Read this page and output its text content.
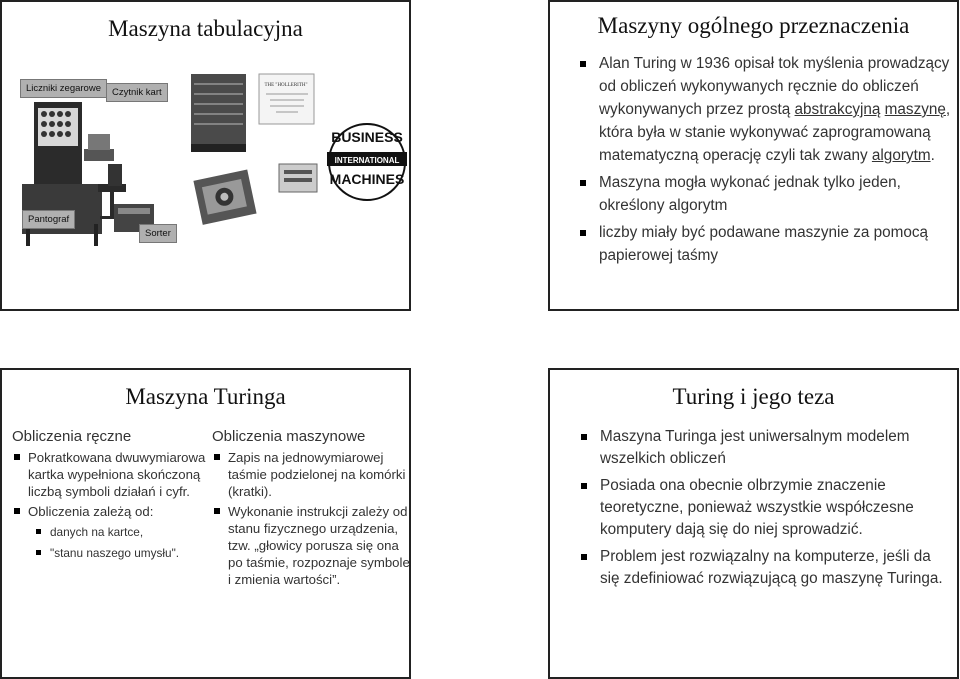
Maszyna tabulacyjna
THE "HOLLERITH"
BUSINESS
INTERNATIONAL
MACHINES
Liczniki zegarowe	Czytnik kart
Pantograf
Sorter
Maszyny ogólnego przeznaczenia
Alan Turing w 1936 opisał tok myślenia prowadzący od obliczeń wykonywanych ręcznie do obliczeń wykonywanych przez prostą abstrakcyjną maszynę, która była w stanie wykonywać zaprogramowaną matematyczną operację czyli tak zwany algorytm.
Maszyna mogła wykonać jednak tylko jeden, określony algorytm
liczby miały być podawane maszynie za pomocą papierowej taśmy
Maszyna Turinga
Obliczenia ręczne
Pokratkowana dwuwymiarowa kartka wypełniona skończoną liczbą symboli działań i cyfr.
Obliczenia zależą od:
danych na kartce,
"stanu naszego umysłu".
Obliczenia maszynowe
Zapis na jednowymiarowej taśmie podzielonej na komórki (kratki).
Wykonanie instrukcji zależy od stanu fizycznego urządzenia, tzw. „głowicy porusza się ona po taśmie, rozpoznaje symbole i zmienia wartości”.
Turing i jego teza
Maszyna Turinga jest uniwersalnym modelem wszelkich obliczeń
Posiada ona obecnie olbrzymie znaczenie teoretyczne, ponieważ wszystkie współczesne komputery dają się do niej sprowadzić.
Problem jest rozwiązalny na komputerze, jeśli da się zdefiniować rozwiązującą go maszynę Turinga.
